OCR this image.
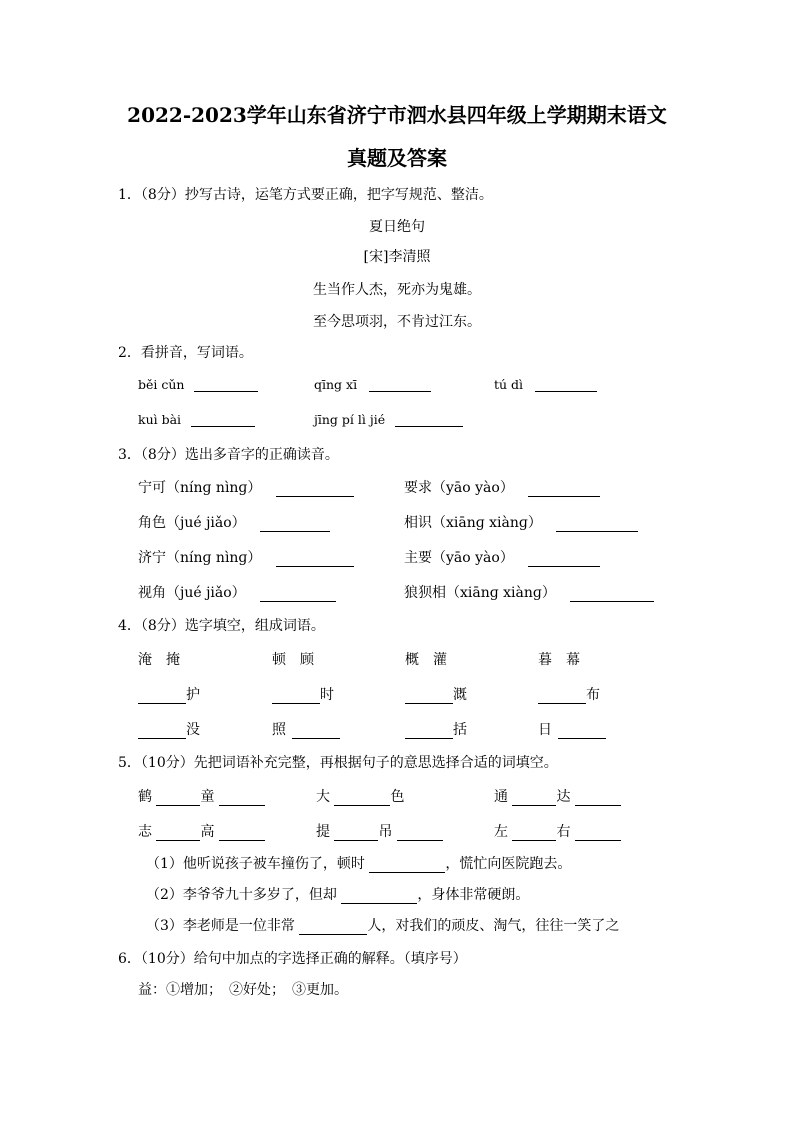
2022-2023学年山东省济宁市泗水县四年级上学期期末语文
真题及答案
1．（8分）抄写古诗，运笔方式要正确，把字写规范、整洁。
夏日绝句
[宋]李清照
生当作人杰，死亦为鬼雄。
至今思项羽，不肯过江东。
2．看拼音，写词语。
běi cǔn	qīng xī	tú dì
kuì bài	jīng pí lì jié
3．（8分）选出多音字的正确读音。
宁可（nínɡ nìnɡ）	要求（yāo yào）
角色（jué jiǎo）	相识（xiānɡ xiànɡ）
济宁（nínɡ nìnɡ）	主要（yāo yào）
视角（jué jiǎo）	狼狈相（xiānɡ xiànɡ）
4．（8分）选字填空，组成词语。
淹　掩	顿　顾	概　灌	暮　幕
护	时	溉	布
没	照	括	日
5．（10分）先把词语补充完整，再根据句子的意思选择合适的词填空。
鹤	童	大	色	通	达
志	高	提	吊	左	右
（1）他听说孩子被车撞伤了，顿时	，慌忙向医院跑去。
（2）李爷爷九十多岁了，但却	，身体非常硬朗。
（3）李老师是一位非常	人，对我们的顽皮、淘气，往往一笑了之
6．（10分）给句中加点的字选择正确的解释。（填序号）
益：①增加；　②好处；　③更加。
